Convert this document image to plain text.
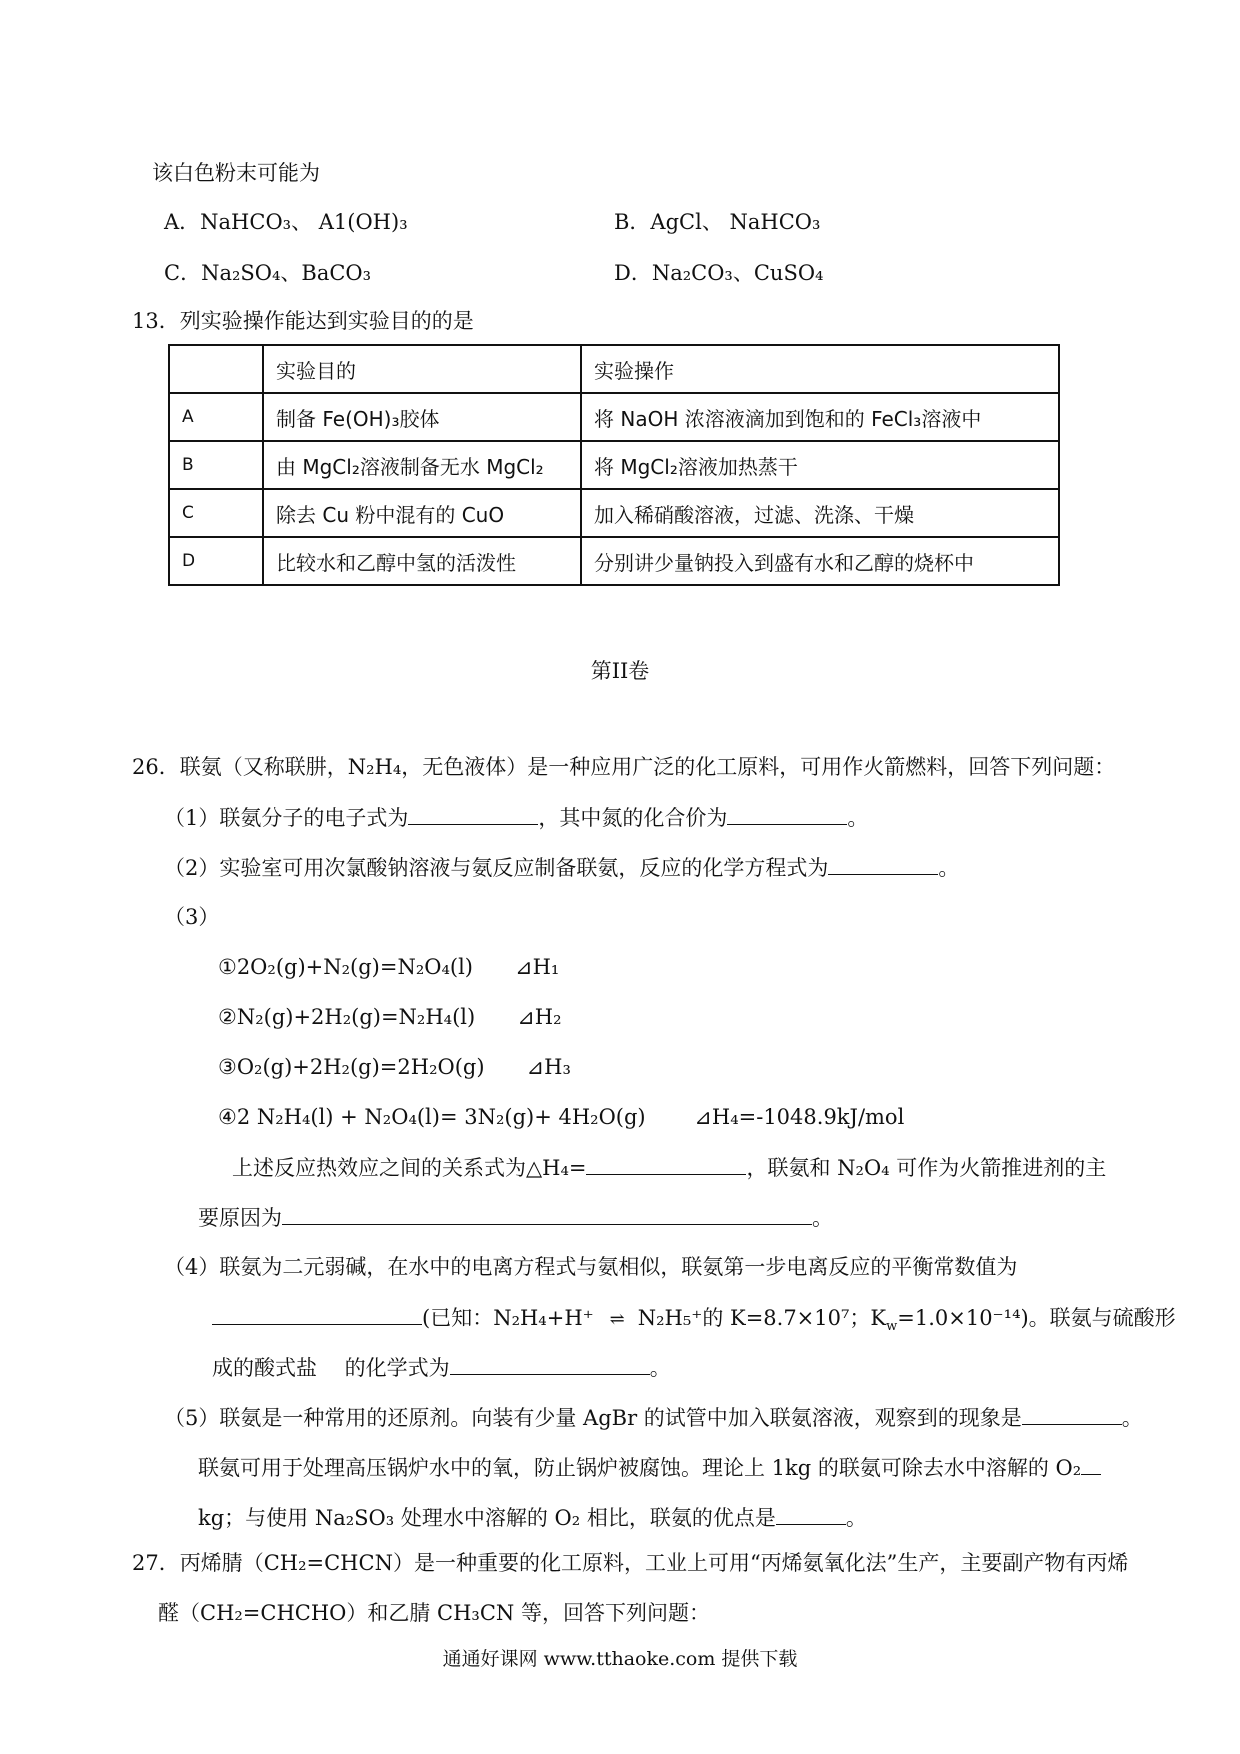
该白色粉末可能为
A．NaHCO₃、 A1(OH)₃	B．AgCl、 NaHCO₃
C．Na₂SO₄、BaCO₃	D．Na₂CO₃、CuSO₄
13．列实验操作能达到实验目的的是
	实验目的	实验操作
A	制备 Fe(OH)₃胶体	将 NaOH 浓溶液滴加到饱和的 FeCl₃溶液中
B	由 MgCl₂溶液制备无水 MgCl₂	将 MgCl₂溶液加热蒸干
C	除去 Cu 粉中混有的 CuO	加入稀硝酸溶液，过滤、洗涤、干燥
D	比较水和乙醇中氢的活泼性	分别讲少量钠投入到盛有水和乙醇的烧杯中
第II卷
26．联氨（又称联肼，N₂H₄，无色液体）是一种应用广泛的化工原料，可用作火箭燃料，回答下列问题：
（1）联氨分子的电子式为	，其中氮的化合价为	。
（2）实验室可用次氯酸钠溶液与氨反应制备联氨，反应的化学方程式为	。
（3）
①2O₂(g)+N₂(g)=N₂O₄(l)　　⊿H₁
②N₂(g)+2H₂(g)=N₂H₄(l)　　⊿H₂
③O₂(g)+2H₂(g)=2H₂O(g)　　⊿H₃
④2 N₂H₄(l) + N₂O₄(l)= 3N₂(g)+ 4H₂O(g)　　 ⊿H₄=-1048.9kJ/mol
上述反应热效应之间的关系式为△H₄=	，联氨和 N₂O₄ 可作为火箭推进剂的主
要原因为	。
（4）联氨为二元弱碱，在水中的电离方程式与氨相似，联氨第一步电离反应的平衡常数值为
(已知：N₂H₄+H⁺ ⇌ N₂H₅⁺的 K=8.7×10⁷；$K_w=1.0\times 10^{-14}$)。联氨与硫酸形
成的酸式盐　 的化学式为	。
（5）联氨是一种常用的还原剂。向装有少量 AgBr 的试管中加入联氨溶液，观察到的现象是	。
联氨可用于处理高压锅炉水中的氧，防止锅炉被腐蚀。理论上 1kg 的联氨可除去水中溶解的 O₂
kg；与使用 Na₂SO₃ 处理水中溶解的 O₂ 相比，联氨的优点是	。
27．丙烯腈（CH₂=CHCN）是一种重要的化工原料，工业上可用“丙烯氨氧化法”生产，主要副产物有丙烯
醛（CH₂=CHCHO）和乙腈 CH₃CN 等，回答下列问题：
通通好课网 www.tthaoke.com 提供下载
